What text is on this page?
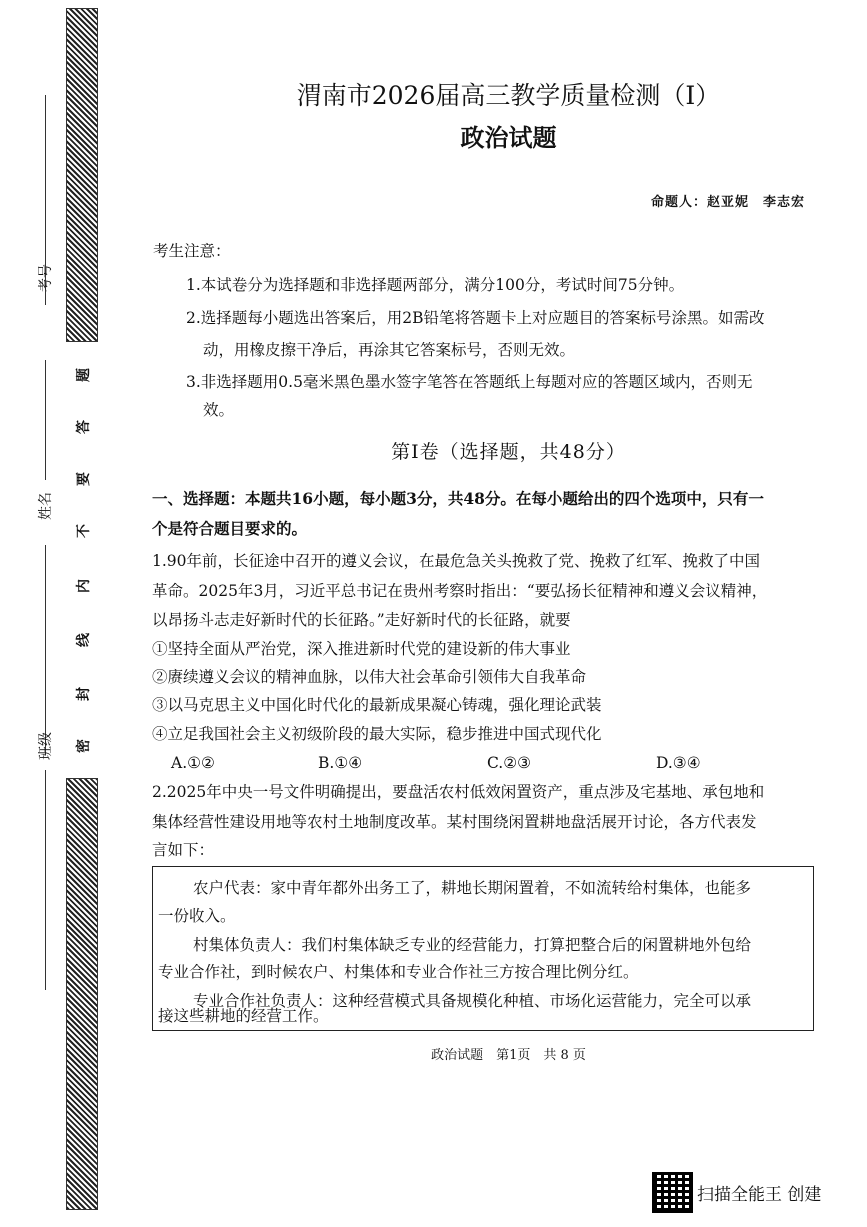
考号
姓名
班级
题
答
要
不
内
线
封
密
渭南市2026届高三教学质量检测（Ⅰ）
政治试题
命题人：赵亚妮　李志宏
考生注意：
1.本试卷分为选择题和非选择题两部分，满分100分，考试时间75分钟。
2.选择题每小题选出答案后，用2B铅笔将答题卡上对应题目的答案标号涂黑。如需改
动，用橡皮擦干净后，再涂其它答案标号，否则无效。
3.非选择题用0.5毫米黑色墨水签字笔答在答题纸上每题对应的答题区域内，否则无
效。
第Ⅰ卷（选择题，共48分）
一、选择题：本题共16小题，每小题3分，共48分。在每小题给出的四个选项中，只有一
个是符合题目要求的。
1.90年前，长征途中召开的遵义会议，在最危急关头挽救了党、挽救了红军、挽救了中国
革命。2025年3月，习近平总书记在贵州考察时指出：“要弘扬长征精神和遵义会议精神，
以昂扬斗志走好新时代的长征路。”走好新时代的长征路，就要
①坚持全面从严治党，深入推进新时代党的建设新的伟大事业
②赓续遵义会议的精神血脉，以伟大社会革命引领伟大自我革命
③以马克思主义中国化时代化的最新成果凝心铸魂，强化理论武装
④立足我国社会主义初级阶段的最大实际，稳步推进中国式现代化
A.①②	B.①④	C.②③	D.③④
2.2025年中央一号文件明确提出，要盘活农村低效闲置资产，重点涉及宅基地、承包地和
集体经营性建设用地等农村土地制度改革。某村围绕闲置耕地盘活展开讨论，各方代表发
言如下：
农户代表：家中青年都外出务工了，耕地长期闲置着，不如流转给村集体，也能多
一份收入。
村集体负责人：我们村集体缺乏专业的经营能力，打算把整合后的闲置耕地外包给
专业合作社，到时候农户、村集体和专业合作社三方按合理比例分红。
专业合作社负责人：这种经营模式具备规模化种植、市场化运营能力，完全可以承
接这些耕地的经营工作。
政治试题　第1页　共 8 页
扫描全能王 创建
